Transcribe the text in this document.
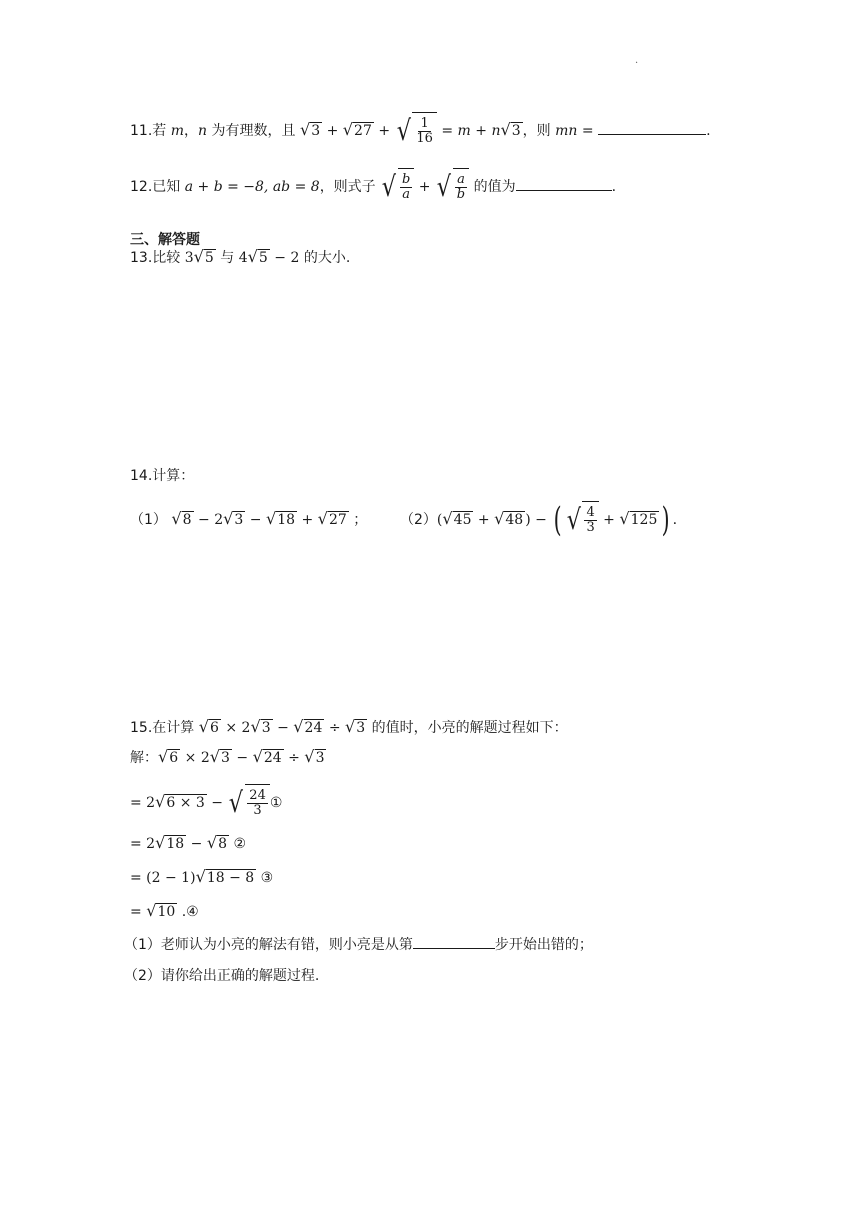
·
11.若 m，n 为有理数，且 √ 3 + √ 27 + √ $\frac{1}{16} = m + n$ √ 3 ，则 mn =	.
12.已知 a + b = −8, ab = 8，则式子 √ $\frac{b}{a}$ + √ $\frac{a}{b}$ 的值为	.
三、解答题
13.比较 3 √ 5 与 4 √ 5 − 2 的大小.
14.计算：
（1） √ 8 − 2 √ 3 − √ 18 + √ 27 ； （2）( √ 45 + √ 48 ) − ( √ $\frac{4}{3}$ + √ 125 ) .
15.在计算 √ 6 × 2 √ 3 − √ 24 ÷ √ 3 的值时，小亮的解题过程如下：
解： √ 6 × 2 √ 3 − √ 24 ÷ √ 3
= 2 √ 6 × 3 − √ $\frac{24}{3}$ ①
= 2 √ 18 − √ 8 ②
= (2 − 1) √ 18 − 8 ③
= √ 10 .④
（1）老师认为小亮的解法有错，则小亮是从第	步开始出错的；
（2）请你给出正确的解题过程.
